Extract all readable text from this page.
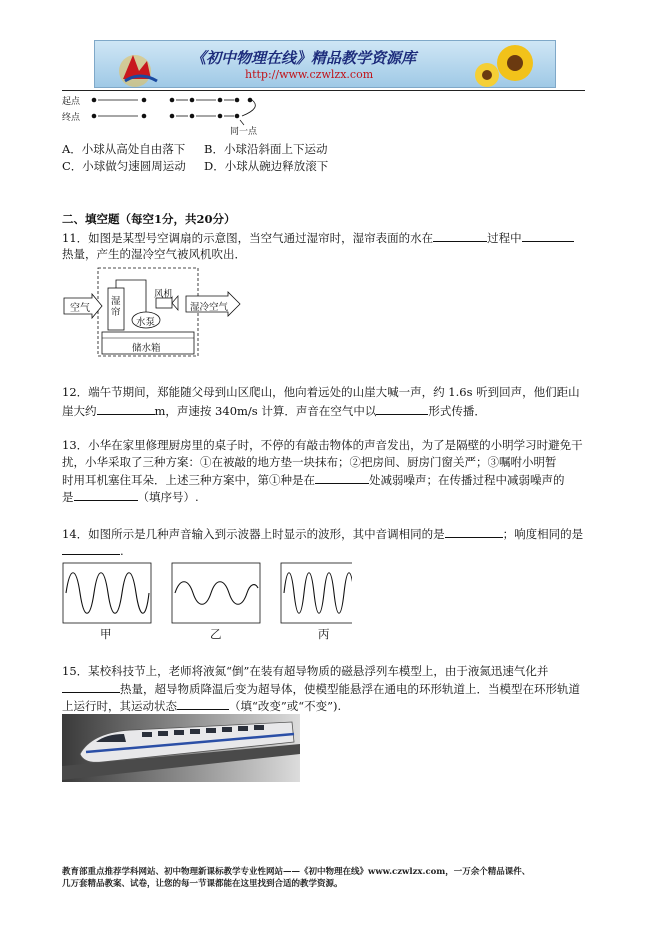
《初中物理在线》精品教学资源库
http://www.czwlzx.com
起点
终点
同一点
A．小球从高处自由落下 B．小球沿斜面上下运动
C．小球做匀速圆周运动 D．小球从碗边释放滚下
二、填空题（每空1分，共20分）
11．如图是某型号空调扇的示意图，当空气通过湿帘时，湿帘表面的水在	过程中
热量，产生的湿冷空气被风机吹出．
空气
湿帘
风机
水泵
湿冷空气
储水箱
12．端午节期间，郑能随父母到山区爬山，他向着远处的山崖大喊一声，约 1.6s 听到回声，他们距山
崖大约	m，声速按 340m/s 计算．声音在空气中以	形式传播．
13．小华在家里修理厨房里的桌子时，不停的有敲击物体的声音发出，为了是隔壁的小明学习时避免干
扰，小华采取了三种方案：①在被敲的地方垫一块抹布；②把房间、厨房门窗关严；③嘱咐小明暂
时用耳机塞住耳朵．上述三种方案中，第①种是在	处减弱噪声；在传播过程中减弱噪声的
是	（填序号）.
14．如图所示是几种声音输入到示波器上时显示的波形，其中音调相同的是	；响度相同的是
.
甲	乙	丙
15．某校科技节上，老师将液氮“倒”在装有超导物质的磁悬浮列车模型上，由于液氮迅速气化并
热量，超导物质降温后变为超导体，使模型能悬浮在通电的环形轨道上．当模型在环形轨道
上运行时，其运动状态	（填“改变”或“不变”).
教育部重点推荐学科网站、初中物理新课标教学专业性网站——《初中物理在线》www.czwlzx.com，一万余个精品课件、
几万套精品教案、试卷，让您的每一节课都能在这里找到合适的教学资源。
